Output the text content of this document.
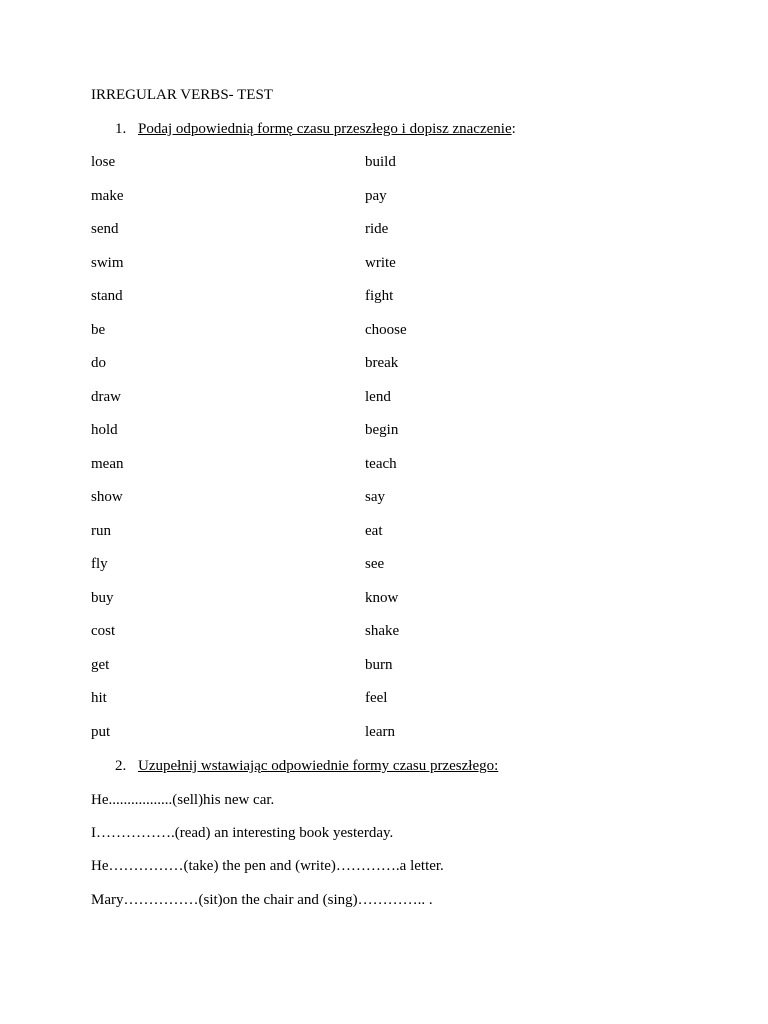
IRREGULAR VERBS- TEST
1. Podaj odpowiednią formę czasu przeszłego i dopisz znaczenie:
lose
make
send
swim
stand
be
do
draw
hold
mean
show
run
fly
buy
cost
get
hit
put
build
pay
ride
write
fight
choose
break
lend
begin
teach
say
eat
see
know
shake
burn
feel
learn
2. Uzupełnij wstawiając odpowiednie formy czasu przeszłego:
He.................(sell)his new car.
I…………….(read) an interesting book yesterday.
He……………(take) the pen and (write)………….a letter.
Mary……………(sit)on the chair and (sing)………….. .
